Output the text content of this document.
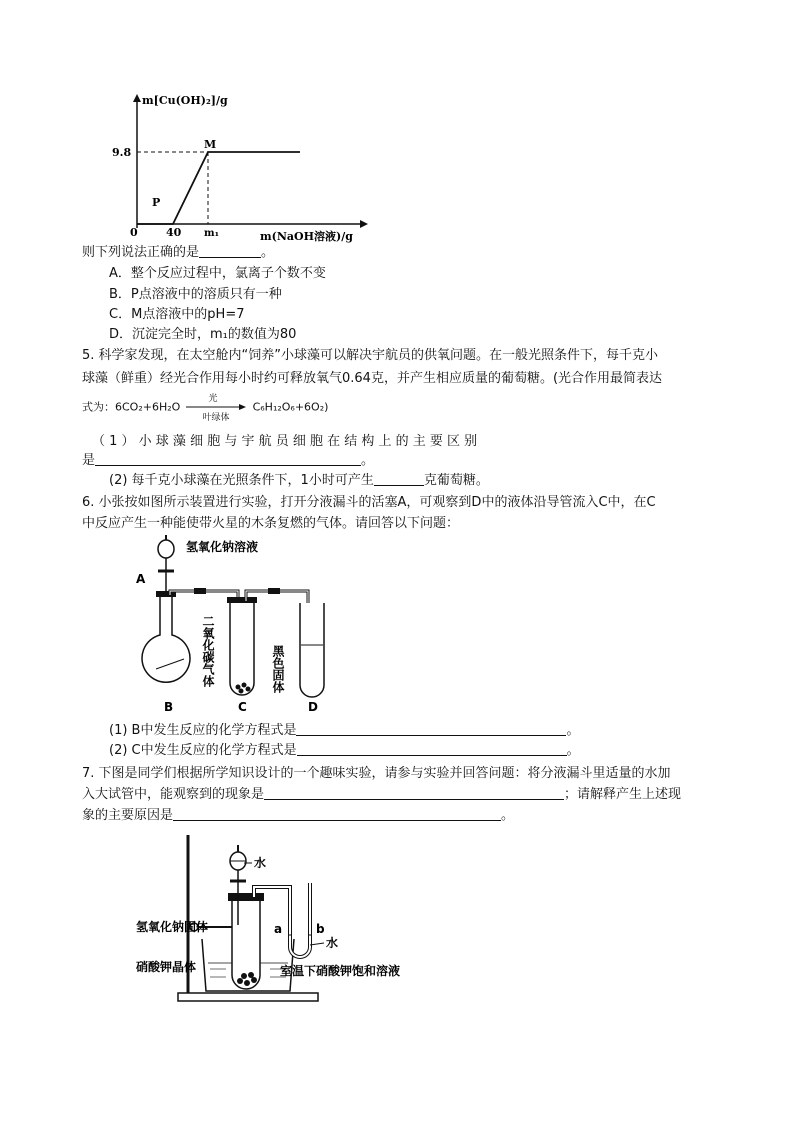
m[Cu(OH)₂]/g
m(NaOH溶液)/g
9.8
0	40 m₁
P
M
则下列说法正确的是	。
A．整个反应过程中，氯离子个数不变
B．P点溶液中的溶质只有一种
C．M点溶液中的pH=7
D．沉淀完全时，m₁的数值为80
5. 科学家发现，在太空舱内“饲养”小球藻可以解决宇航员的供氧问题。在一般光照条件下，每千克小
球藻（鲜重）经光合作用每小时约可释放氧气0.64克，并产生相应质量的葡萄糖。(光合作用最简表达
式为：6CO₂+6H₂O
光
叶绿体
C₆H₁₂O₆+6O₂)
（ 1 ） 小 球 藻 细 胞 与 宇 航 员 细 胞 在 结 构 上 的 主 要 区 别
是	。
(2) 每千克小球藻在光照条件下，1小时可产生	克葡萄糖。
6. 小张按如图所示装置进行实验，打开分液漏斗的活塞A，可观察到D中的液体沿导管流入C中，在C
中反应产生一种能使带火星的木条复燃的气体。请回答以下问题：
氢氧化钠溶液
A
二氧化碳气体	黑色固体
B	C	D
(1) B中发生反应的化学方程式是	。
(2) C中发生反应的化学方程式是	。
7. 下图是同学们根据所学知识设计的一个趣味实验，请参与实验并回答问题：将分液漏斗里适量的水加
入大试管中，能观察到的现象是	；请解释产生上述现
象的主要原因是	。
水
氢氧化钠固体
硝酸钾晶体
a	b
水
室温下硝酸钾饱和溶液
